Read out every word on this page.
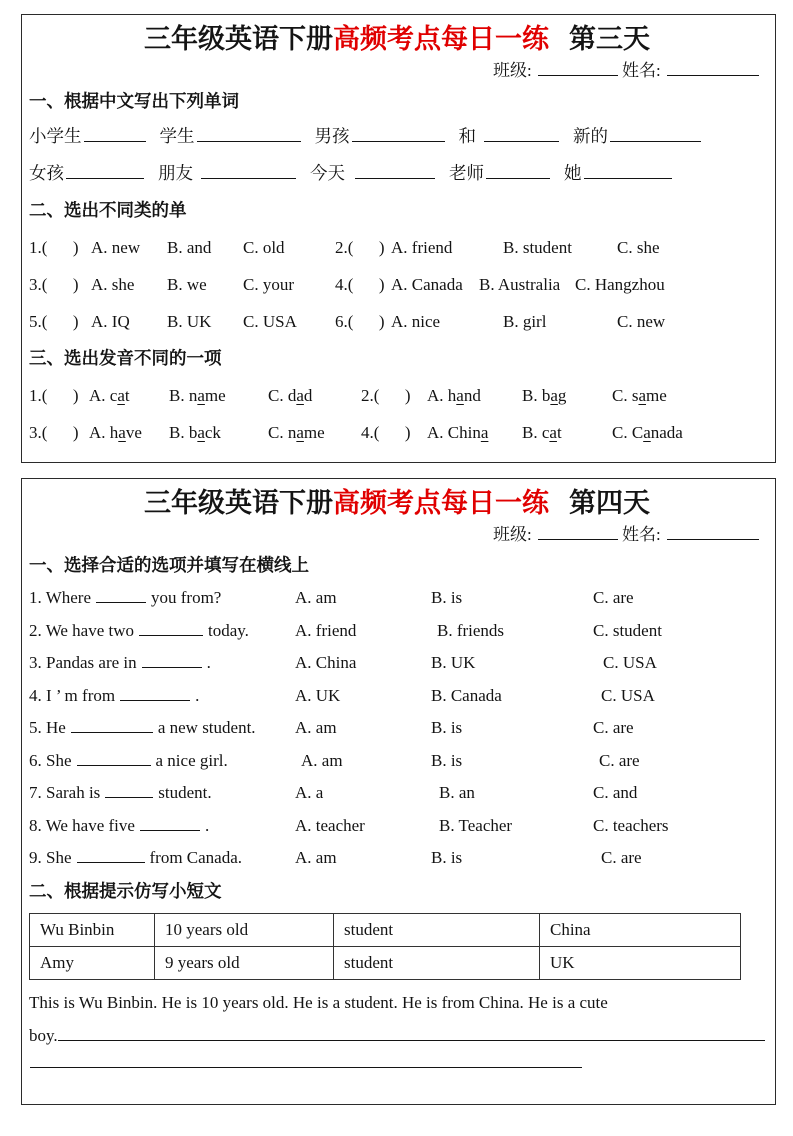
三年级英语下册高频考点每日一练 第三天
班级:	姓名:
一、根据中文写出下列单词
小学生	学生	男孩	和	新的
女孩	朋友	今天	老师	她
二、选出不同类的单
1.(      ) A. new	B. and	C. old	2.(      ) A. friend	B. student	C. she
3.(      ) A. she	B. we	C. your	4.(      ) A. Canada B. Australia C. Hangzhou
5.(      ) A. IQ	B. UK	C. USA	6.(      ) A. nice	B. girl	C. new
三、选出发音不同的一项
1.(      ) A. cat	B. name	C. dad	2.(      ) A. hand	B. bag	C. same
3.(      ) A. have	B. back	C. name	4.(      ) A. China	B. cat	C. Canada
三年级英语下册高频考点每日一练 第四天
班级:	姓名:
一、选择合适的选项并填写在横线上
1. Where	you from?	A. am	B. is	C. are
2. We have two	today.	A. friend	B. friends	C. student
3. Pandas are in	.	A. China	B. UK	C. USA
4. I ’ m from	.	A. UK	B. Canada	C. USA
5. He	a new student.	A. am	B. is	C. are
6. She	a nice girl.	A. am	B. is	C. are
7. Sarah is	student.	A. a	B. an	C. and
8. We have five	.	A. teacher	B. Teacher	C. teachers
9. She	from Canada.	A. am	B. is	C. are
二、根据提示仿写小短文
Wu Binbin	10 years old	student	China
Amy	9 years old	student	UK
This is Wu Binbin. He is 10 years old. He is a student. He is from China. He is a cute
boy.
